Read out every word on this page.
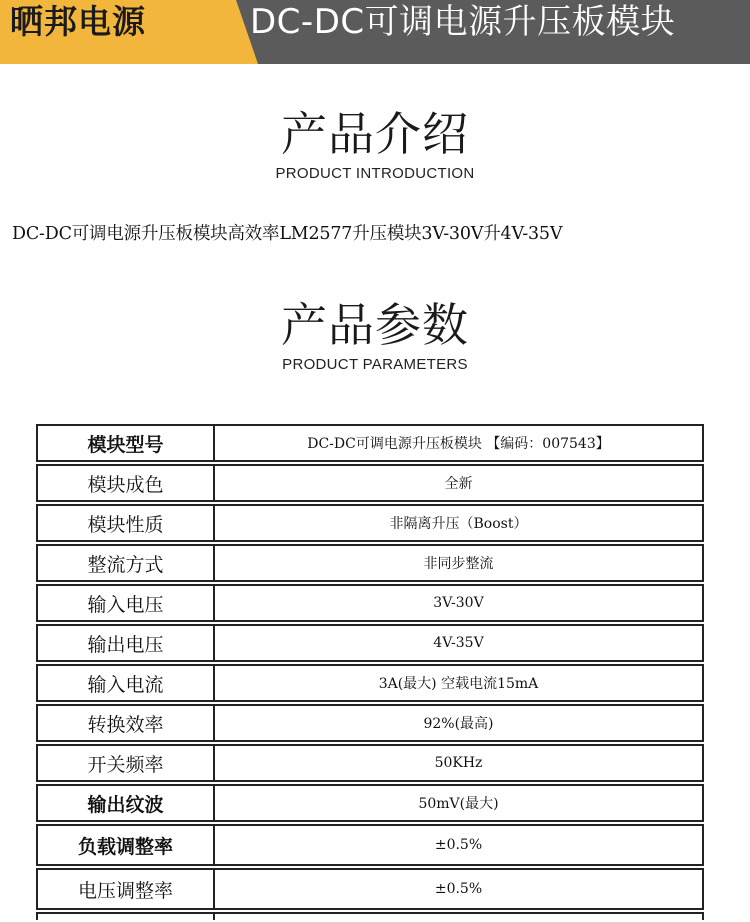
晒邦电源	DC-DC可调电源升压板模块
产品介绍
PRODUCT INTRODUCTION
DC-DC可调电源升压板模块高效率LM2577升压模块3V-30V升4V-35V
产品参数
PRODUCT PARAMETERS
模块型号	DC-DC可调电源升压板模块 【编码：007543】
模块成色	全新
模块性质	非隔离升压（Boost）
整流方式	非同步整流
输入电压	3V-30V
输出电压	4V-35V
输入电流	3A(最大) 空载电流15mA
转换效率	92%(最高)
开关频率	50KHz
输出纹波	50mV(最大)
负载调整率	±0.5%
电压调整率	±0.5%
